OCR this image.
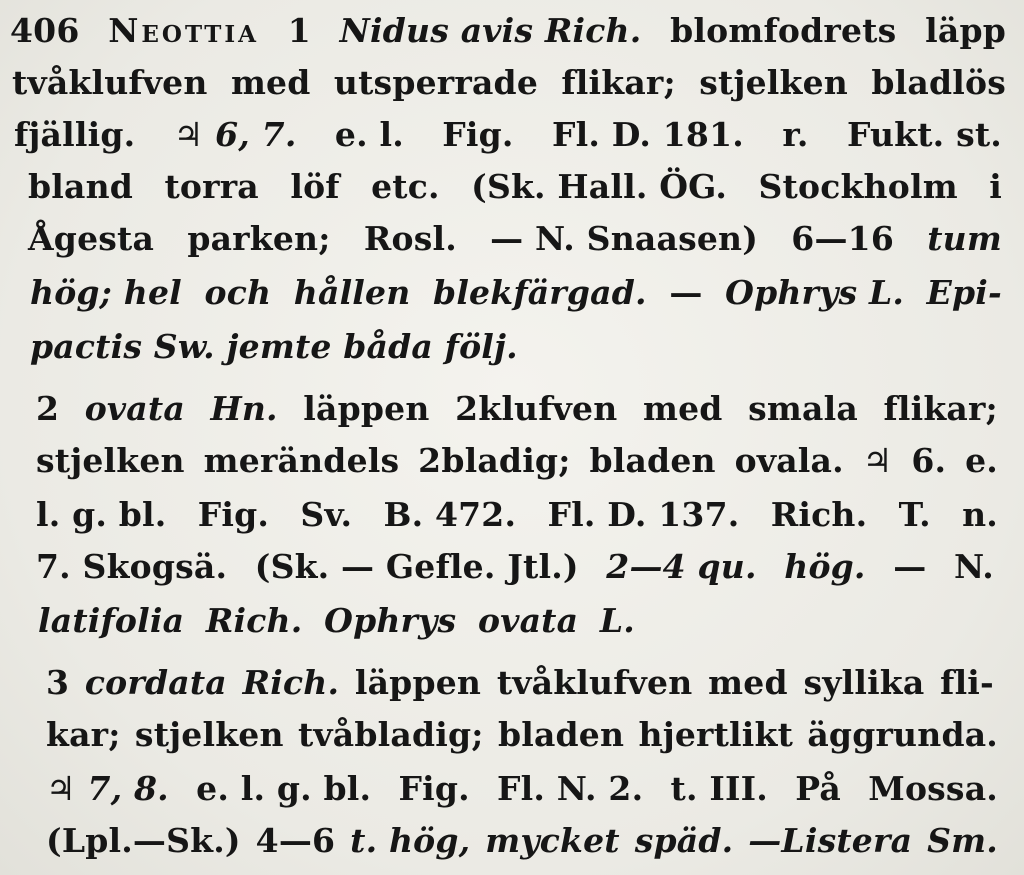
406 Neottia 1 Nidus avis Rich. blomfodrets läpp
tvåklufven med utsperrade flikar; stjelken bladlös
fjällig. ♃ 6, 7. e. l. Fig. Fl. D. 181. r. Fukt. st.
bland torra löf etc. (Sk. Hall. ÖG. Stockholm i
Ågesta parken; Rosl. — N. Snaasen) 6—16 tum
hög; hel och hållen blekfärgad. — Ophrys L. Epi-
pactis Sw. jemte båda följ.
2 ovata Hn. läppen 2klufven med smala flikar;
stjelken merändels 2bladig; bladen ovala. ♃ 6. e.
l. g. bl. Fig. Sv. B. 472. Fl. D. 137. Rich. T. n.
7. Skogsä. (Sk. — Gefle. Jtl.) 2—4 qu. hög. — N.
latifolia Rich. Ophrys ovata L.
3 cordata Rich. läppen tvåklufven med syllika fli-
kar; stjelken tvåbladig; bladen hjertlikt äggrunda.
♃ 7, 8. e. l. g. bl. Fig. Fl. N. 2. t. III. På Mossa.
(Lpl.—Sk.) 4—6 t. hög, mycket späd. —Listera Sm.
